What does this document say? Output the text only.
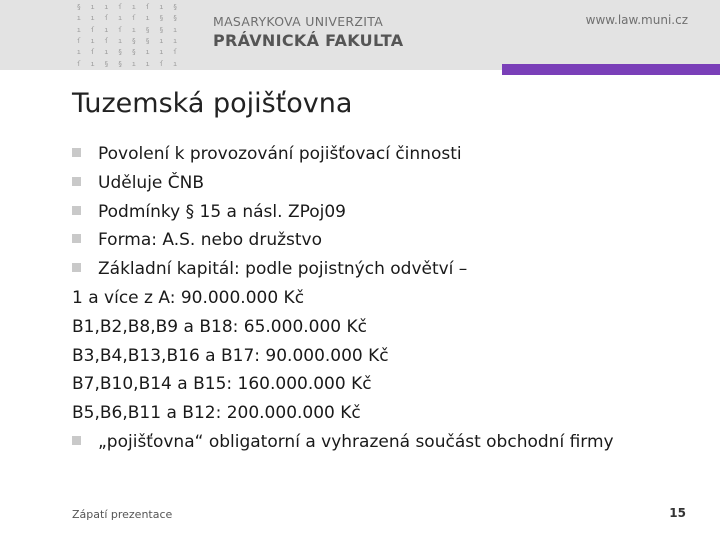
§	ı	ı	ſ	ı	ſ	ı	§
ı	ı	ſ	ı	ſ	ı	§	§
ı	ſ	ı	ſ	ı	§	§	ı
ſ	ı	ſ	ı	§	§	ı	ı
ı	ſ	ı	§	§	ı	ı	ſ
ſ	ı	§	§	ı	ı	ſ	ı
MASARYKOVA UNIVERZITA
PRÁVNICKÁ FAKULTA
www.law.muni.cz
Tuzemská pojišťovna
Povolení k provozování pojišťovací činnosti
Uděluje ČNB
Podmínky § 15 a násl. ZPoj09
Forma: A.S. nebo družstvo
Základní kapitál: podle pojistných odvětví –
1 a více z A: 90.000.000 Kč
B1,B2,B8,B9 a B18: 65.000.000 Kč
B3,B4,B13,B16 a B17: 90.000.000 Kč
B7,B10,B14 a B15: 160.000.000 Kč
B5,B6,B11 a B12: 200.000.000 Kč
„pojišťovna“ obligatorní a vyhrazená součást obchodní firmy
Zápatí prezentace	15
